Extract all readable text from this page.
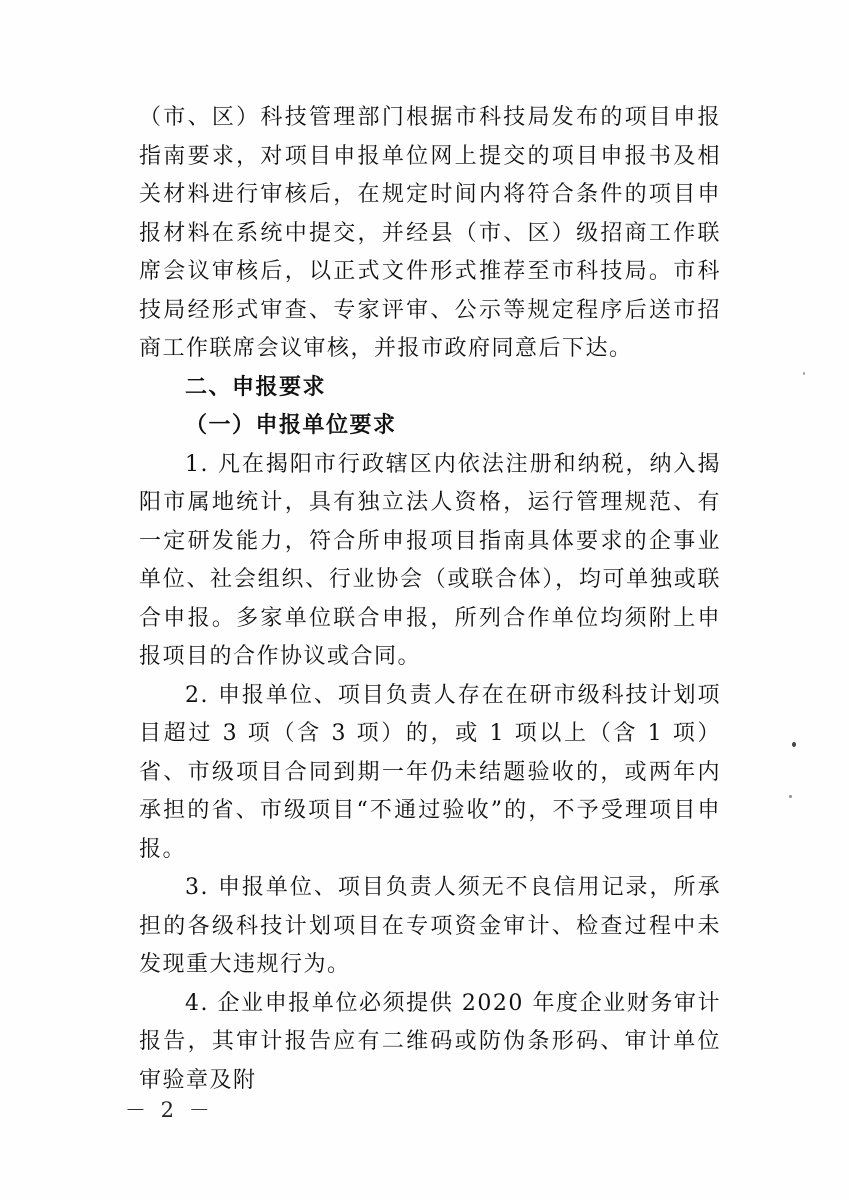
（市、区）科技管理部门根据市科技局发布的项目申报指南要求，对项目申报单位网上提交的项目申报书及相关材料进行审核后，在规定时间内将符合条件的项目申报材料在系统中提交，并经县（市、区）级招商工作联席会议审核后，以正式文件形式推荐至市科技局。市科技局经形式审查、专家评审、公示等规定程序后送市招商工作联席会议审核，并报市政府同意后下达。

二、申报要求

（一）申报单位要求

1. 凡在揭阳市行政辖区内依法注册和纳税，纳入揭阳市属地统计，具有独立法人资格，运行管理规范、有一定研发能力，符合所申报项目指南具体要求的企事业单位、社会组织、行业协会（或联合体），均可单独或联合申报。多家单位联合申报，所列合作单位均须附上申报项目的合作协议或合同。

2. 申报单位、项目负责人存在在研市级科技计划项目超过 3 项（含 3 项）的，或 1 项以上（含 1 项）省、市级项目合同到期一年仍未结题验收的，或两年内承担的省、市级项目“不通过验收”的，不予受理项目申报。

3. 申报单位、项目负责人须无不良信用记录，所承担的各级科技计划项目在专项资金审计、检查过程中未发现重大违规行为。

4. 企业申报单位必须提供 2020 年度企业财务审计报告，其审计报告应有二维码或防伪条形码、审计单位审验章及附

－ 2 －
